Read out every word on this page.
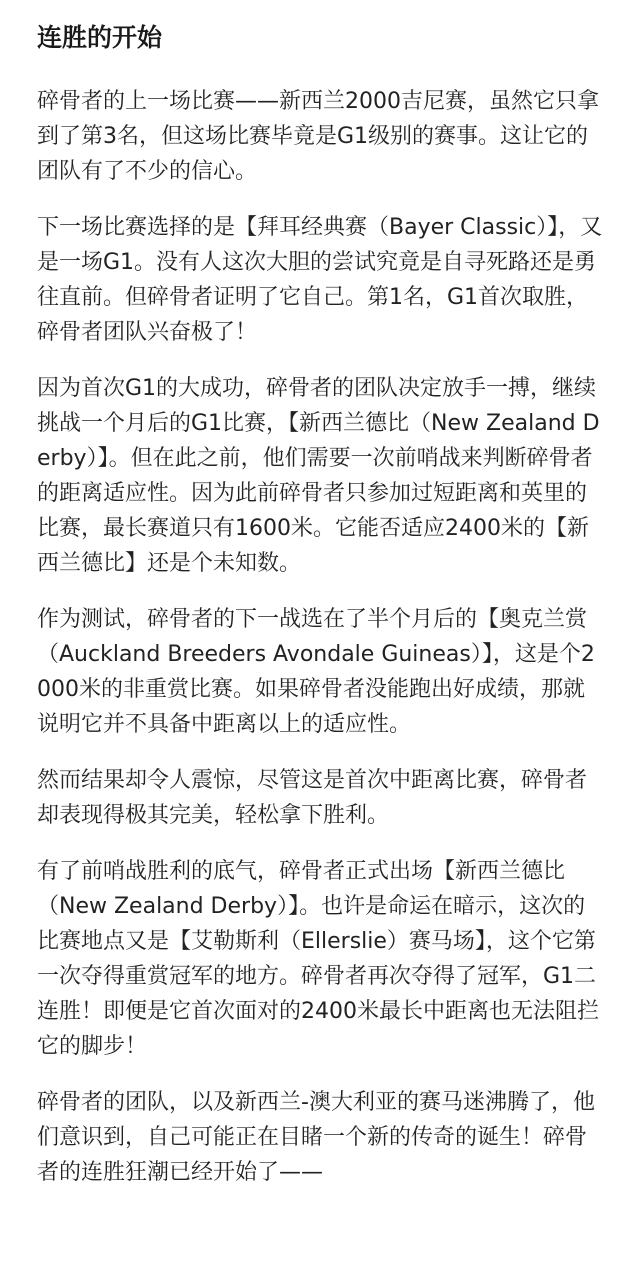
连胜的开始

碎骨者的上一场比赛——新西兰2000吉尼赛，虽然它只拿到了第3名，但这场比赛毕竟是G1级别的赛事。这让它的团队有了不少的信心。

下一场比赛选择的是【拜耳经典赛（Bayer Classic）】，又是一场G1。没有人这次大胆的尝试究竟是自寻死路还是勇往直前。但碎骨者证明了它自己。第1名，G1首次取胜，碎骨者团队兴奋极了！

因为首次G1的大成功，碎骨者的团队决定放手一搏，继续挑战一个月后的G1比赛，【新西兰德比（New Zealand Derby）】。但在此之前，他们需要一次前哨战来判断碎骨者的距离适应性。因为此前碎骨者只参加过短距离和英里的比赛，最长赛道只有1600米。它能否适应2400米的【新西兰德比】还是个未知数。

作为测试，碎骨者的下一战选在了半个月后的【奥克兰赏（Auckland Breeders Avondale Guineas）】，这是个2000米的非重赏比赛。如果碎骨者没能跑出好成绩，那就说明它并不具备中距离以上的适应性。

然而结果却令人震惊，尽管这是首次中距离比赛，碎骨者却表现得极其完美，轻松拿下胜利。

有了前哨战胜利的底气，碎骨者正式出场【新西兰德比（New Zealand Derby）】。也许是命运在暗示，这次的比赛地点又是【艾勒斯利（Ellerslie）赛马场】，这个它第一次夺得重赏冠军的地方。碎骨者再次夺得了冠军，G1二连胜！即便是它首次面对的2400米最长中距离也无法阻拦它的脚步！

碎骨者的团队，以及新西兰-澳大利亚的赛马迷沸腾了，他们意识到，自己可能正在目睹一个新的传奇的诞生！碎骨者的连胜狂潮已经开始了——
